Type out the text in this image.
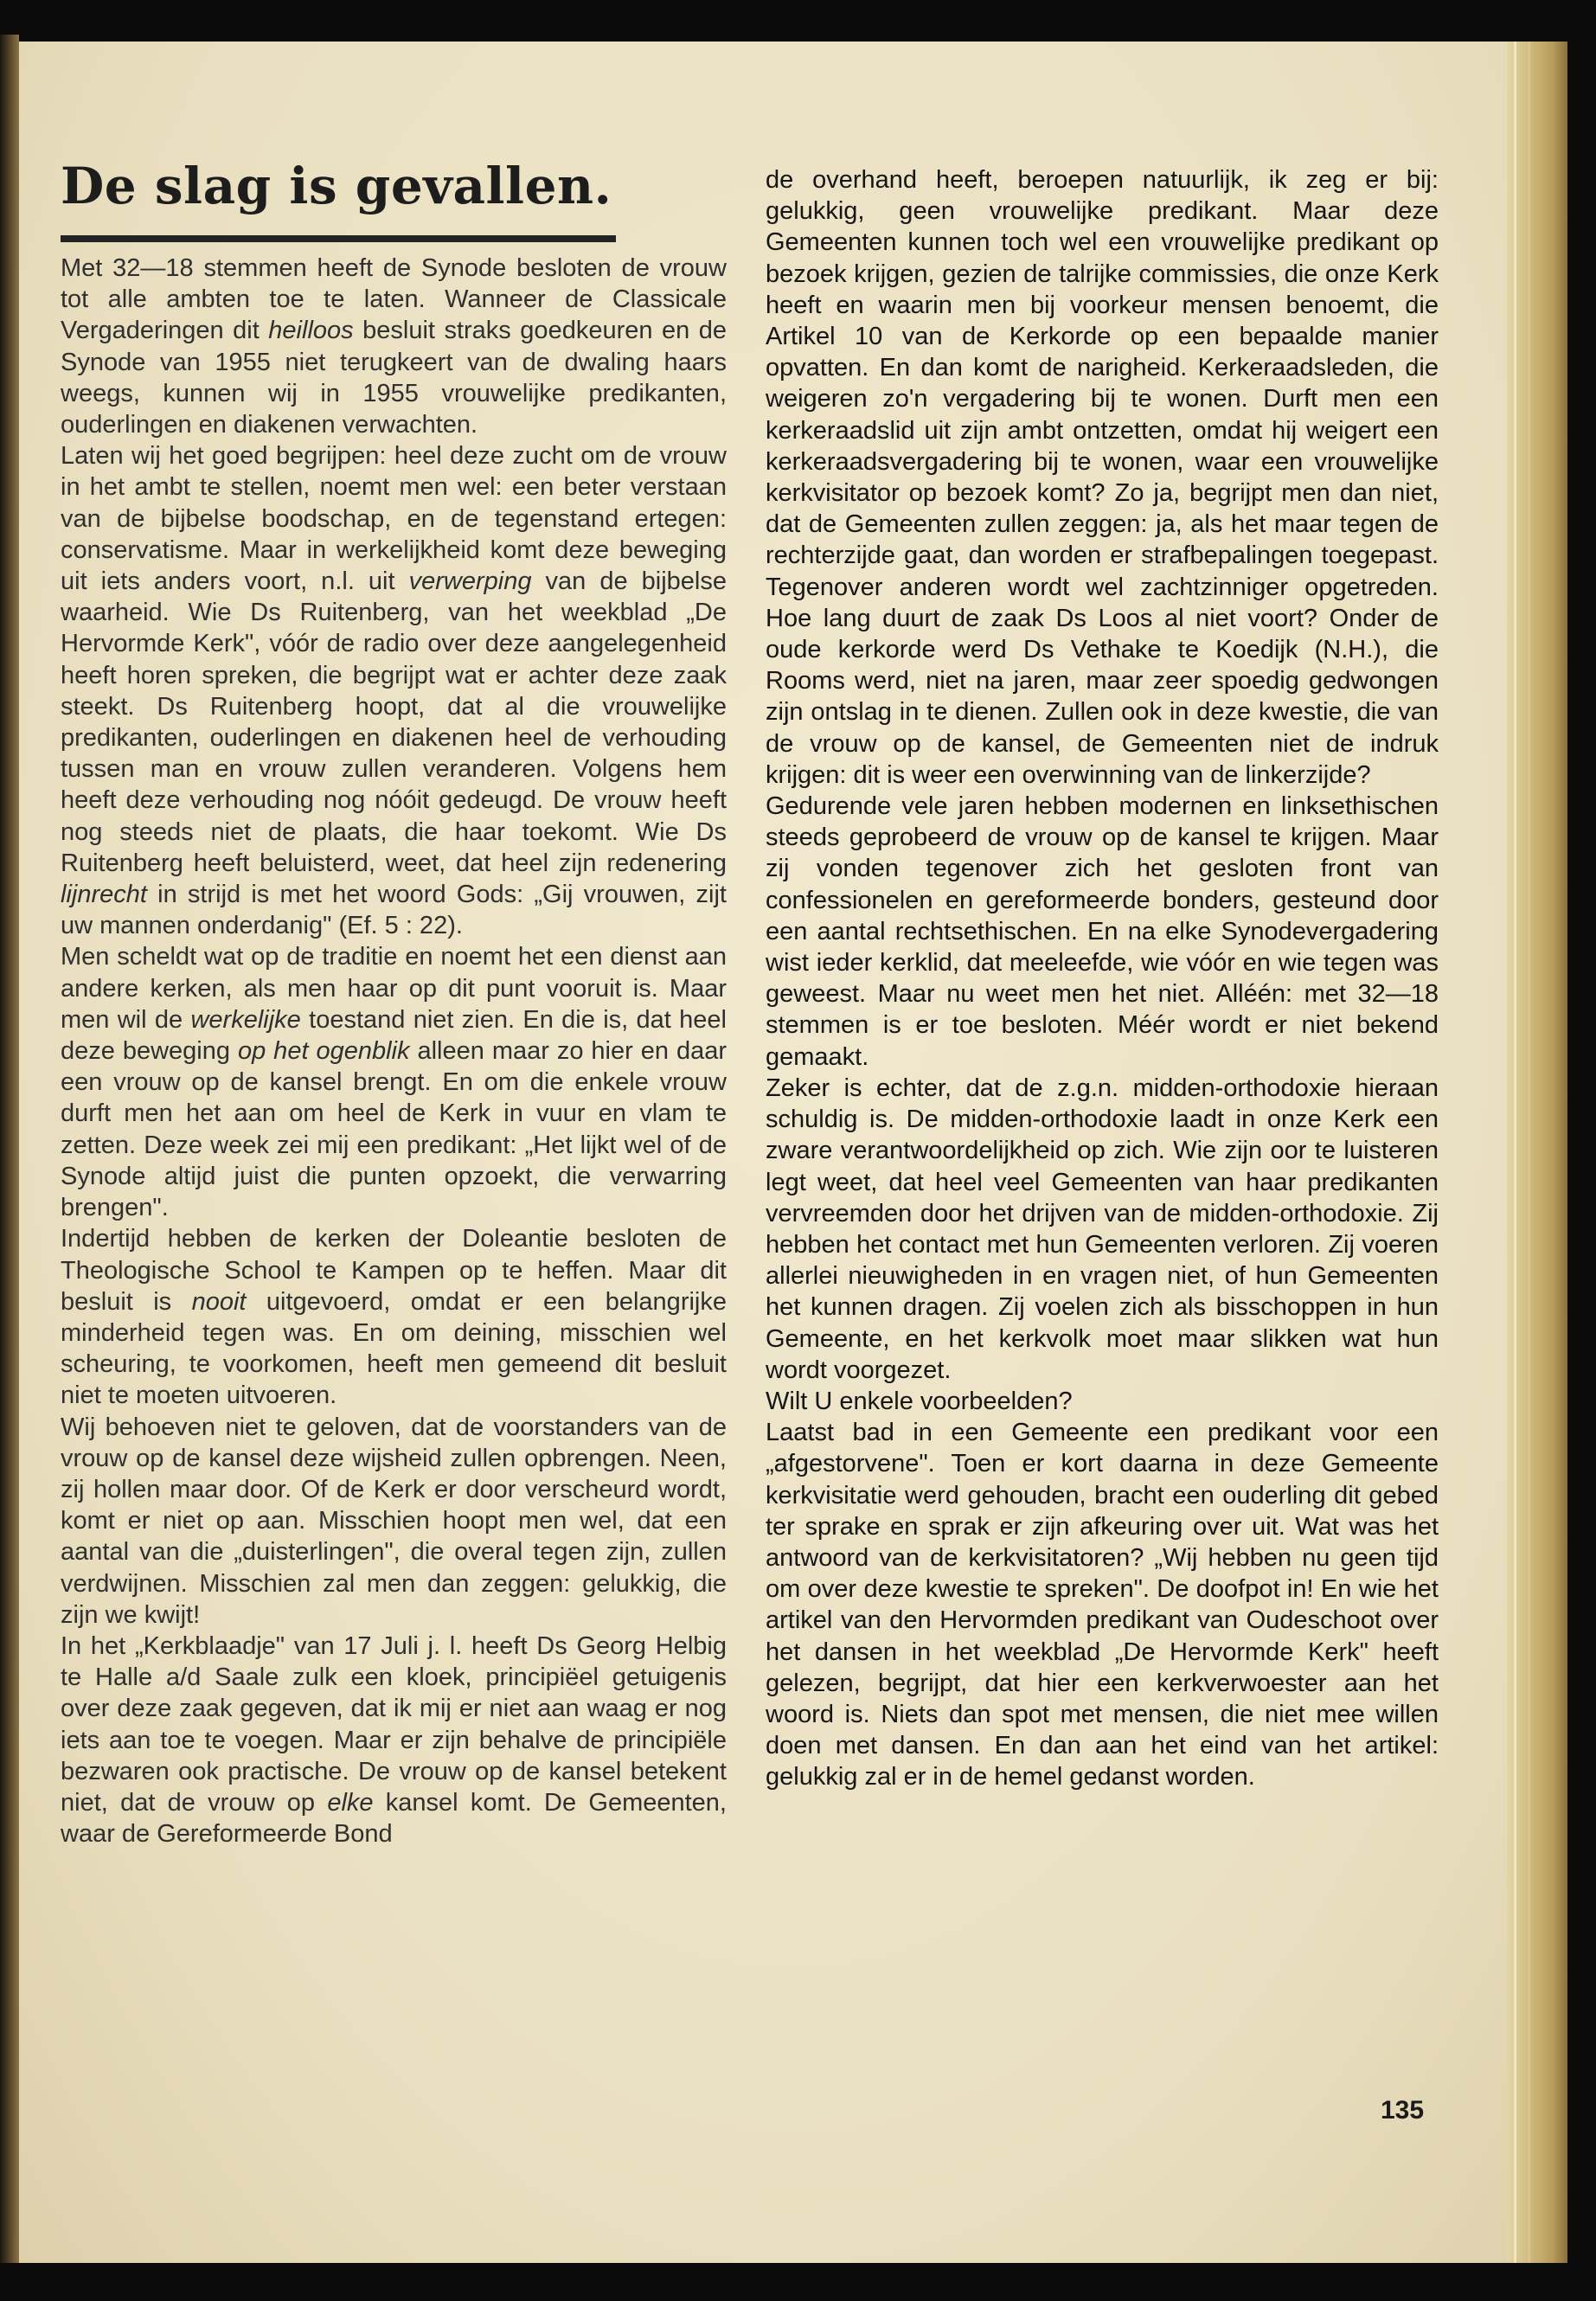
De slag is gevallen.

Met 32—18 stemmen heeft de Synode besloten de vrouw tot alle ambten toe te laten. Wanneer de Classicale Vergaderingen dit heilloos besluit straks goedkeuren en de Synode van 1955 niet terugkeert van de dwaling haars weegs, kunnen wij in 1955 vrouwelijke predikanten, ouderlingen en diakenen verwachten.

Laten wij het goed begrijpen: heel deze zucht om de vrouw in het ambt te stellen, noemt men wel: een beter verstaan van de bijbelse boodschap, en de tegenstand ertegen: conservatisme. Maar in werkelijkheid komt deze beweging uit iets anders voort, n.l. uit verwerping van de bijbelse waarheid. Wie Ds Ruitenberg, van het weekblad „De Hervormde Kerk", vóór de radio over deze aangelegenheid heeft horen spreken, die begrijpt wat er achter deze zaak steekt. Ds Ruitenberg hoopt, dat al die vrouwelijke predikanten, ouderlingen en diakenen heel de verhouding tussen man en vrouw zullen veranderen. Volgens hem heeft deze verhouding nog nóóit gedeugd. De vrouw heeft nog steeds niet de plaats, die haar toekomt. Wie Ds Ruitenberg heeft beluisterd, weet, dat heel zijn redenering lijnrecht in strijd is met het woord Gods: „Gij vrouwen, zijt uw mannen onderdanig" (Ef. 5 : 22).

Men scheldt wat op de traditie en noemt het een dienst aan andere kerken, als men haar op dit punt vooruit is. Maar men wil de werkelijke toestand niet zien. En die is, dat heel deze beweging op het ogenblik alleen maar zo hier en daar een vrouw op de kansel brengt. En om die enkele vrouw durft men het aan om heel de Kerk in vuur en vlam te zetten. Deze week zei mij een predikant: „Het lijkt wel of de Synode altijd juist die punten opzoekt, die verwarring brengen".

Indertijd hebben de kerken der Doleantie besloten de Theologische School te Kampen op te heffen. Maar dit besluit is nooit uitgevoerd, omdat er een belangrijke minderheid tegen was. En om deining, misschien wel scheuring, te voorkomen, heeft men gemeend dit besluit niet te moeten uitvoeren.

Wij behoeven niet te geloven, dat de voorstanders van de vrouw op de kansel deze wijsheid zullen opbrengen. Neen, zij hollen maar door. Of de Kerk er door verscheurd wordt, komt er niet op aan. Misschien hoopt men wel, dat een aantal van die „duisterlingen", die overal tegen zijn, zullen verdwijnen. Misschien zal men dan zeggen: gelukkig, die zijn we kwijt!

In het „Kerkblaadje" van 17 Juli j. l. heeft Ds Georg Helbig te Halle a/d Saale zulk een kloek, principiëel getuigenis over deze zaak gegeven, dat ik mij er niet aan waag er nog iets aan toe te voegen. Maar er zijn behalve de principiële bezwaren ook practische. De vrouw op de kansel betekent niet, dat de vrouw op elke kansel komt. De Gemeenten, waar de Gereformeerde Bond

de overhand heeft, beroepen natuurlijk, ik zeg er bij: gelukkig, geen vrouwelijke predikant. Maar deze Gemeenten kunnen toch wel een vrouwelijke predikant op bezoek krijgen, gezien de talrijke commissies, die onze Kerk heeft en waarin men bij voorkeur mensen benoemt, die Artikel 10 van de Kerkorde op een bepaalde manier opvatten. En dan komt de narigheid. Kerkeraadsleden, die weigeren zo'n vergadering bij te wonen. Durft men een kerkeraadslid uit zijn ambt ontzetten, omdat hij weigert een kerkeraadsvergadering bij te wonen, waar een vrouwelijke kerkvisitator op bezoek komt? Zo ja, begrijpt men dan niet, dat de Gemeenten zullen zeggen: ja, als het maar tegen de rechterzijde gaat, dan worden er strafbepalingen toegepast. Tegenover anderen wordt wel zachtzinniger opgetreden. Hoe lang duurt de zaak Ds Loos al niet voort? Onder de oude kerkorde werd Ds Vethake te Koedijk (N.H.), die Rooms werd, niet na jaren, maar zeer spoedig gedwongen zijn ontslag in te dienen. Zullen ook in deze kwestie, die van de vrouw op de kansel, de Gemeenten niet de indruk krijgen: dit is weer een overwinning van de linkerzijde?

Gedurende vele jaren hebben modernen en linksethischen steeds geprobeerd de vrouw op de kansel te krijgen. Maar zij vonden tegenover zich het gesloten front van confessionelen en gereformeerde bonders, gesteund door een aantal rechtsethischen. En na elke Synodevergadering wist ieder kerklid, dat meeleefde, wie vóór en wie tegen was geweest. Maar nu weet men het niet. Alléén: met 32—18 stemmen is er toe besloten. Méér wordt er niet bekend gemaakt.

Zeker is echter, dat de z.g.n. midden-orthodoxie hieraan schuldig is. De midden-orthodoxie laadt in onze Kerk een zware verantwoordelijkheid op zich. Wie zijn oor te luisteren legt weet, dat heel veel Gemeenten van haar predikanten vervreemden door het drijven van de midden-orthodoxie. Zij hebben het contact met hun Gemeenten verloren. Zij voeren allerlei nieuwigheden in en vragen niet, of hun Gemeenten het kunnen dragen. Zij voelen zich als bisschoppen in hun Gemeente, en het kerkvolk moet maar slikken wat hun wordt voorgezet.

Wilt U enkele voorbeelden?

Laatst bad in een Gemeente een predikant voor een „afgestorvene". Toen er kort daarna in deze Gemeente kerkvisitatie werd gehouden, bracht een ouderling dit gebed ter sprake en sprak er zijn afkeuring over uit. Wat was het antwoord van de kerkvisitatoren? „Wij hebben nu geen tijd om over deze kwestie te spreken". De doofpot in! En wie het artikel van den Hervormden predikant van Oudeschoot over het dansen in het weekblad „De Hervormde Kerk" heeft gelezen, begrijpt, dat hier een kerkverwoester aan het woord is. Niets dan spot met mensen, die niet mee willen doen met dansen. En dan aan het eind van het artikel: gelukkig zal er in de hemel gedanst worden.

135
